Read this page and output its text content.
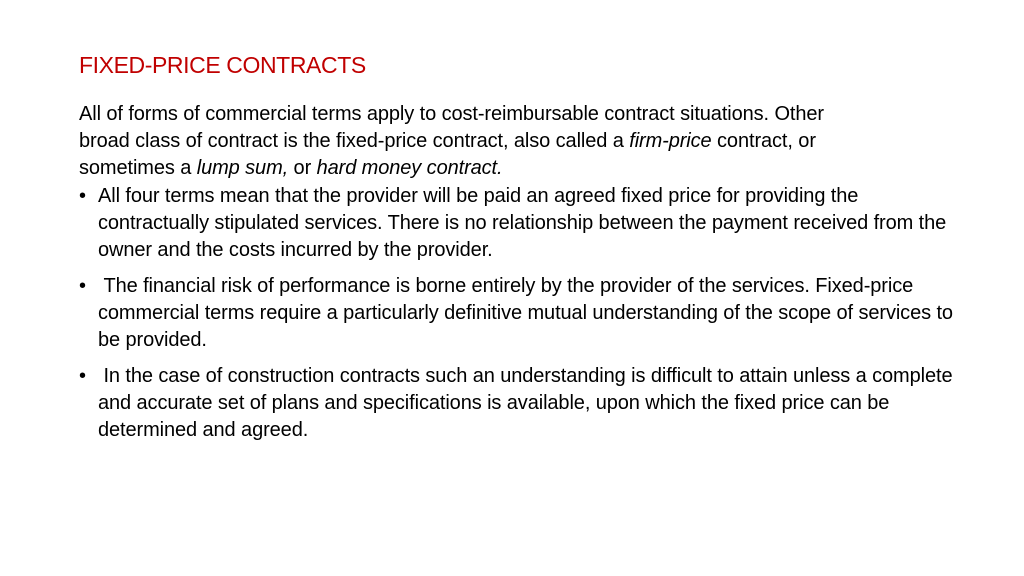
FIXED-PRICE CONTRACTS

All of forms of commercial terms apply to cost-reimbursable contract situations. Other broad class of contract is the fixed-price contract, also called a firm-price contract, or sometimes a lump sum, or hard money contract.

• All four terms mean that the provider will be paid an agreed fixed price for providing the contractually stipulated services. There is no relationship between the payment received from the owner and the costs incurred by the provider.
• The financial risk of performance is borne entirely by the provider of the services. Fixed-price commercial terms require a particularly definitive mutual understanding of the scope of services to be provided.
• In the case of construction contracts such an understanding is difficult to attain unless a complete and accurate set of plans and specifications is available, upon which the fixed price can be determined and agreed.
